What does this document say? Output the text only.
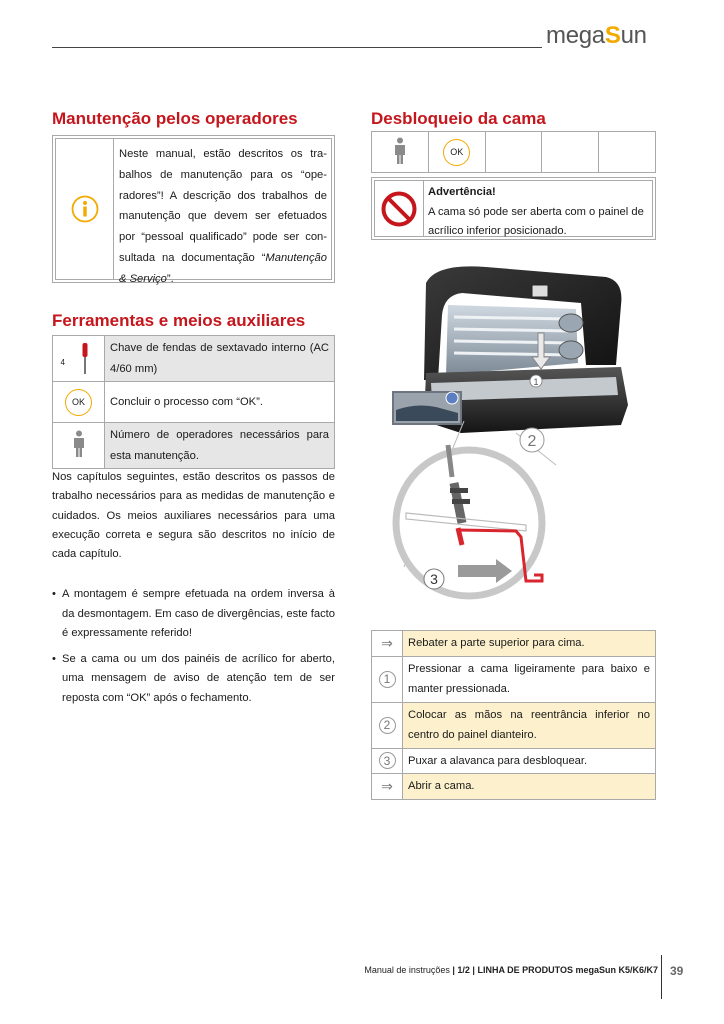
megaSun
Manutenção pelos operadores
Neste manual, estão descritos os tra-
balhos de manutenção para os “ope-
radores”! A descrição dos trabalhos de
manutenção que devem ser efetuados
por “pessoal qualificado” pode ser con-
sultada na documentação “Manutenção
& Serviço”.
Ferramentas e meios auxiliares
4	Chave de fendas de sextavado interno (AC 4/60 mm)

OK	Concluir o processo com “OK”.
	Número de operadores necessários para esta manutenção.

Nos capítulos seguintes, estão descritos os passos de trabalho necessários para as medidas de manutenção e cuidados. Os meios auxiliares necessários para uma execução correta e segura são descritos no início de cada capítulo.

• A montagem é sempre efetuada na ordem inversa à da desmontagem. Em caso de divergências, este facto é expressamente referido!
• Se a cama ou um dos painéis de acrílico for aberto, uma mensagem de aviso de atenção tem de ser reposta com “OK” após o fechamento.
Desbloqueio da cama

OK

Advertência!
A cama só pode ser aberta com o painel de acrílico inferior posicionado.
1
2
3
⇒	Rebater a parte superior para cima.
1	Pressionar a cama ligeiramente para baixo e manter pressionada.
2	Colocar as mãos na reentrância inferior no centro do painel dianteiro.
3	Puxar a alavanca para desbloquear.
⇒	Abrir a cama.
Manual de instruções | 1/2 | LINHA DE PRODUTOS megaSun K5/K6/K7 39
